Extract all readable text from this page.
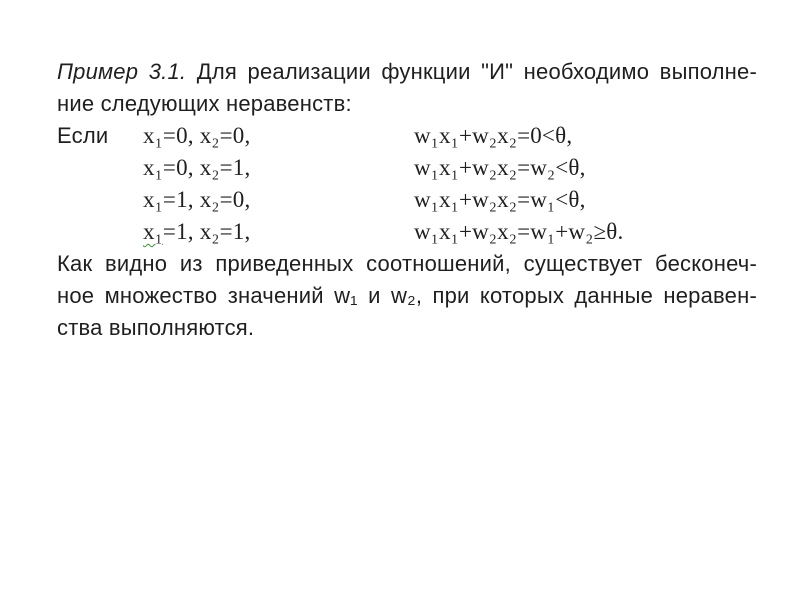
Пример 3.1. Для реализации функции "И" необходимо выполне-
ние следующих неравенств:
Если x₁=0, x₂=0,	w₁x₁+w₂x₂=0<θ,
x₁=0, x₂=1,	w₁x₁+w₂x₂=w₂<θ,
x₁=1, x₂=0,	w₁x₁+w₂x₂=w₁<θ,
x₁=1, x₂=1,	w₁x₁+w₂x₂=w₁+w₂≥θ.
Как видно из приведенных соотношений, существует бесконеч-
ное множество значений w₁ и w₂, при которых данные неравен-
ства выполняются.
